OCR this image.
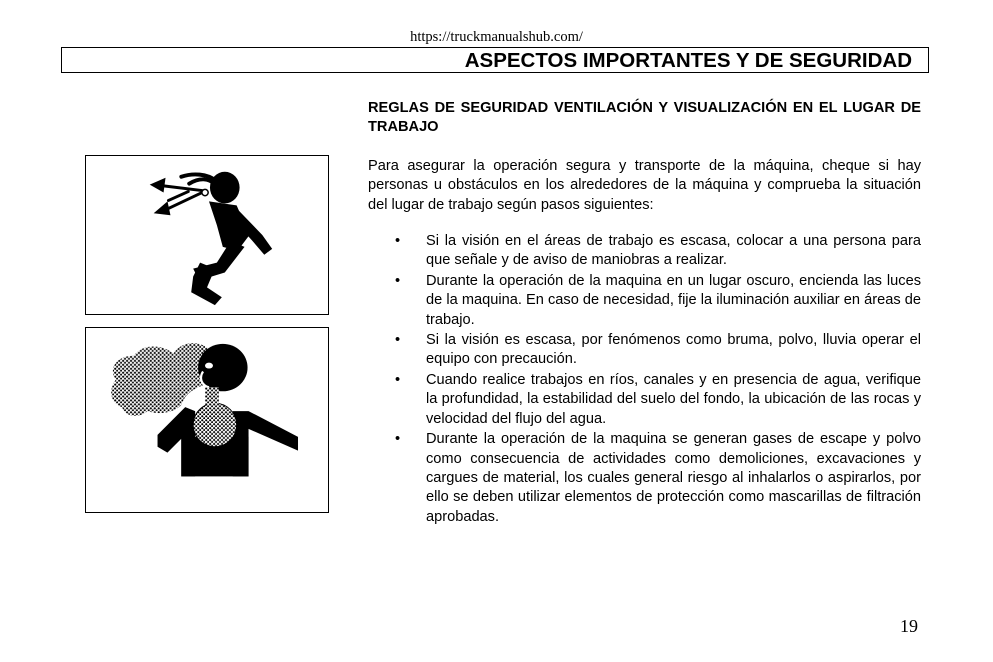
https://truckmanualshub.com/
ASPECTOS IMPORTANTES Y DE SEGURIDAD
REGLAS DE SEGURIDAD VENTILACIÓN Y VISUALIZACIÓN EN EL LUGAR DE TRABAJO
Para asegurar la operación segura y transporte de la máquina, cheque si hay personas u obstáculos en los alrededores de la máquina y comprueba la situación del lugar de trabajo según pasos siguientes:
• Si la visión en el áreas de trabajo es escasa, colocar a una persona para que señale y de aviso de maniobras a realizar.
• Durante la operación de la maquina en un lugar oscuro, encienda las luces de la maquina. En caso de necesidad, fije la iluminación auxiliar en áreas de trabajo.
• Si la visión es escasa, por fenómenos como bruma, polvo, lluvia operar el equipo con precaución.
• Cuando realice trabajos en ríos, canales y en presencia de agua, verifique la profundidad, la estabilidad del suelo del fondo, la ubicación de las rocas y velocidad del flujo del agua.
• Durante la operación de la maquina se generan gases de escape y polvo como consecuencia de actividades como demoliciones, excavaciones y cargues de material, los cuales general riesgo al inhalarlos o aspirarlos, por ello se deben utilizar elementos de protección como mascarillas de filtración aprobadas.
19
